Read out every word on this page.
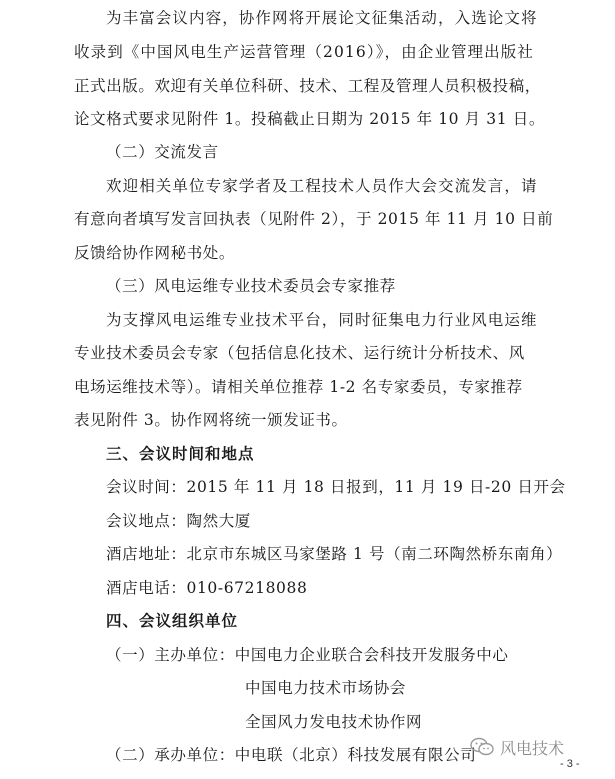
为丰富会议内容，协作网将开展论文征集活动，入选论文将
收录到《中国风电生产运营管理（2016）》，由企业管理出版社
正式出版。欢迎有关单位科研、技术、工程及管理人员积极投稿，
论文格式要求见附件 1。投稿截止日期为 2015 年 10 月 31 日。
（二）交流发言
欢迎相关单位专家学者及工程技术人员作大会交流发言，请
有意向者填写发言回执表（见附件 2），于 2015 年 11 月 10 日前
反馈给协作网秘书处。
（三）风电运维专业技术委员会专家推荐
为支撑风电运维专业技术平台，同时征集电力行业风电运维
专业技术委员会专家（包括信息化技术、运行统计分析技术、风
电场运维技术等）。请相关单位推荐 1-2 名专家委员，专家推荐
表见附件 3。协作网将统一颁发证书。
三、会议时间和地点
会议时间：2015 年 11 月 18 日报到，11 月 19 日-20 日开会
会议地点：陶然大厦
酒店地址：北京市东城区马家堡路 1 号（南二环陶然桥东南角）
酒店电话：010-67218088
四、会议组织单位
（一）主办单位：中国电力企业联合会科技开发服务中心
中国电力技术市场协会
全国风力发电技术协作网
（二）承办单位：中电联（北京）科技发展有限公司 风电技术
- 3 -
